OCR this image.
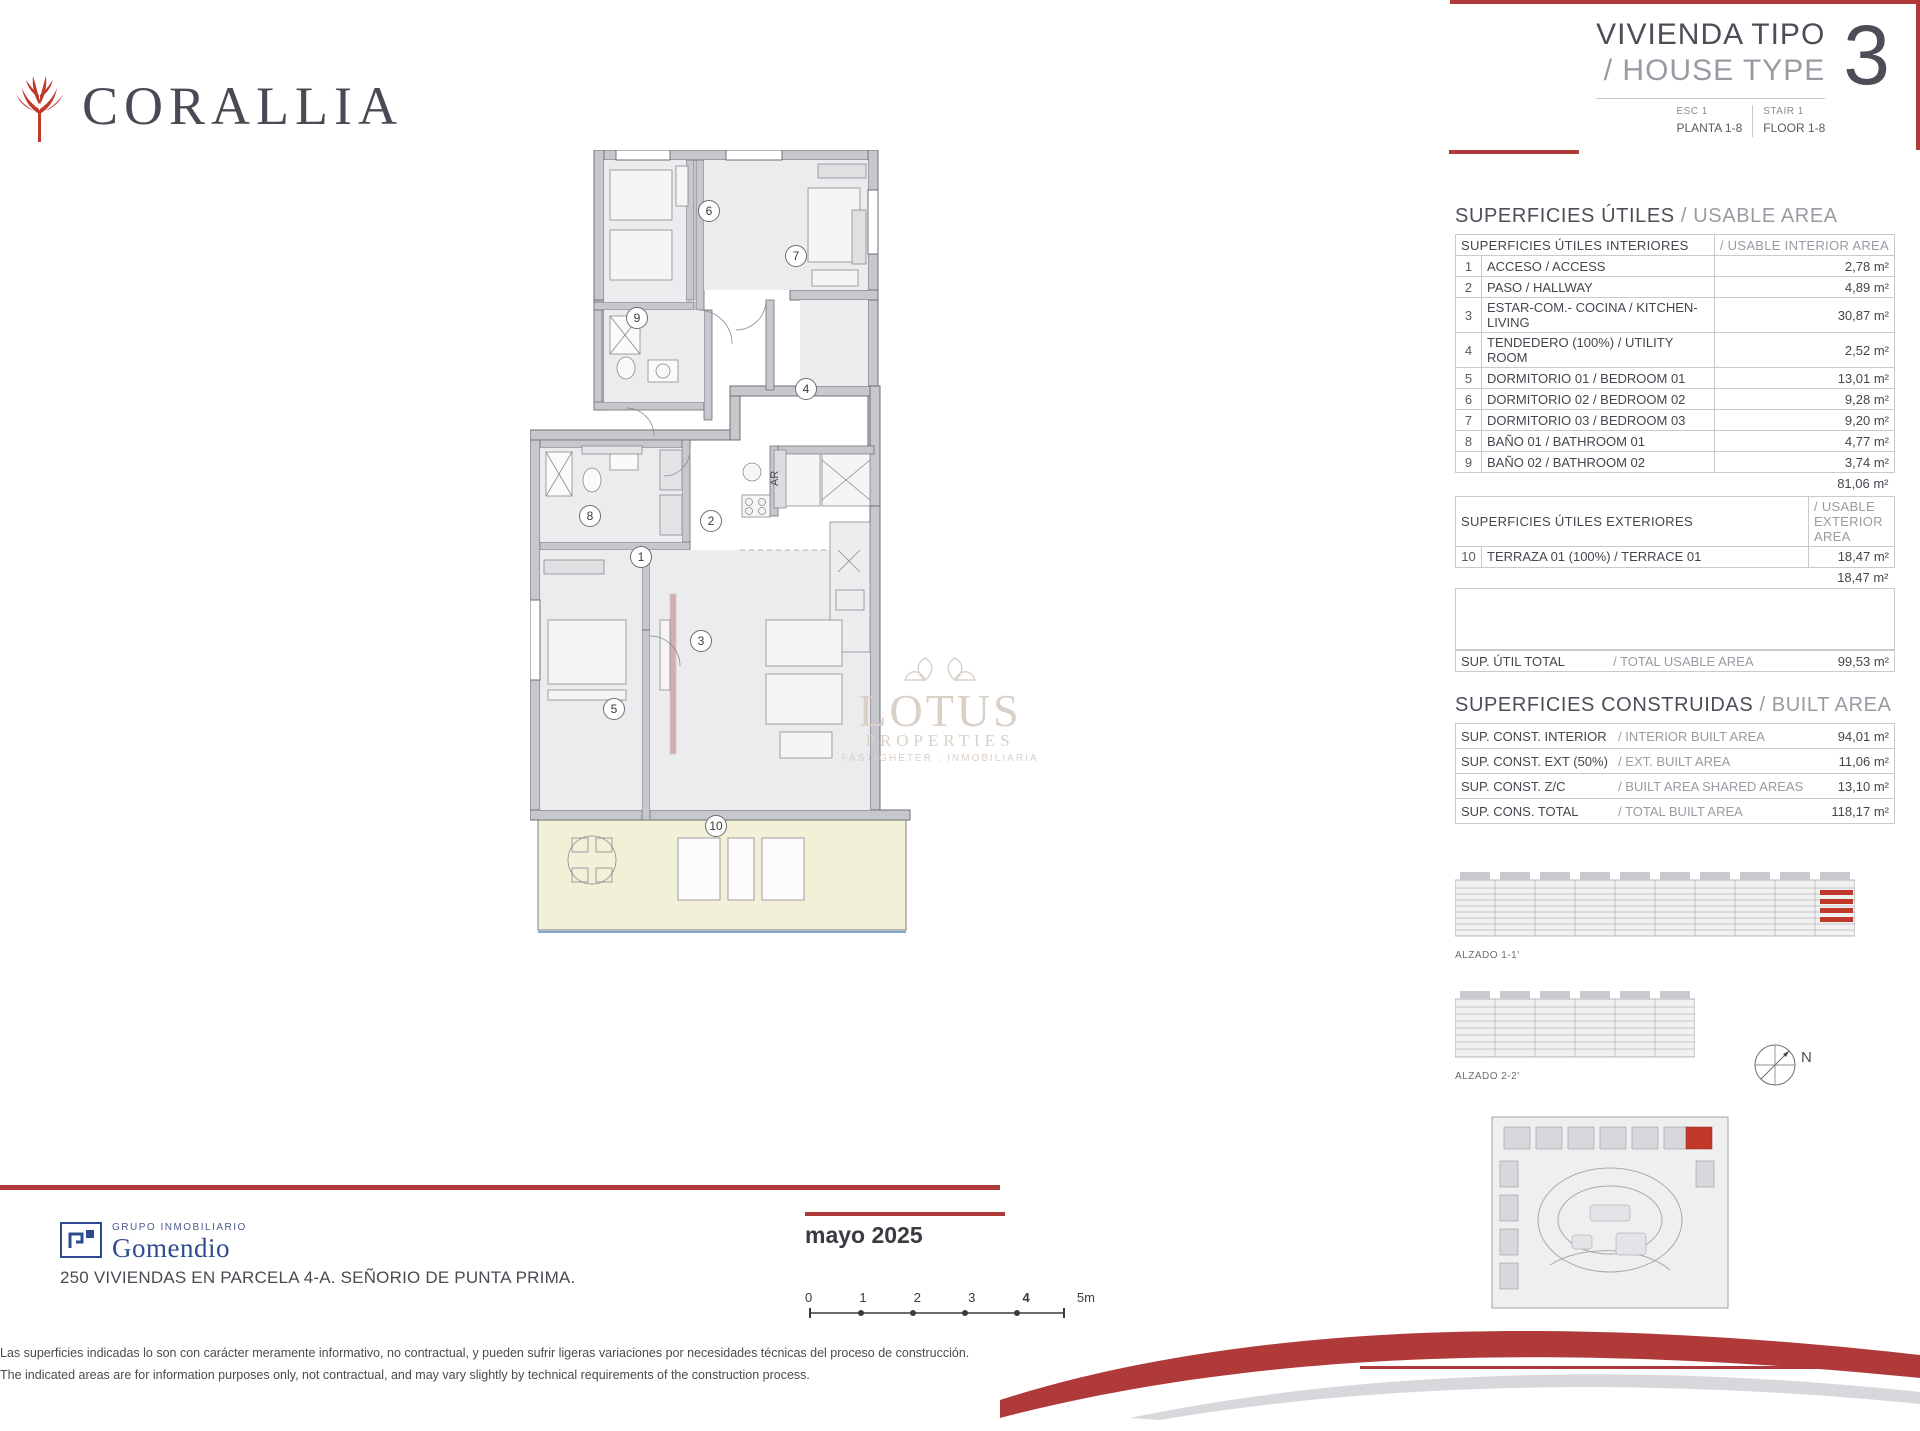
CORALLIA
VIVIENDA TIPO
/ HOUSE TYPE
ESC 1
PLANTA 1-8
STAIR 1
FLOOR 1-8
3
SUPERFICIES ÚTILES / USABLE AREA
SUPERFICIES ÚTILES INTERIORES		/ USABLE INTERIOR AREA
1	ACCESO / ACCESS	2,78 m²
2	PASO / HALLWAY	4,89 m²
3	ESTAR-COM.- COCINA / KITCHEN-LIVING	30,87 m²
4	TENDEDERO (100%) / UTILITY ROOM	2,52 m²
5	DORMITORIO 01 / BEDROOM 01	13,01 m²
6	DORMITORIO 02 / BEDROOM 02	9,28 m²
7	DORMITORIO 03 / BEDROOM 03	9,20 m²
8	BAÑO 01 / BATHROOM 01	4,77 m²
9	BAÑO 02 / BATHROOM 02	3,74 m²
81,06 m²		
SUPERFICIES ÚTILES EXTERIORES		/ USABLE EXTERIOR AREA
10	TERRAZA 01 (100%) / TERRACE 01	18,47 m²
18,47 m²		
SUP. ÚTIL TOTAL	/ TOTAL USABLE AREA	99,53 m²
SUPERFICIES CONSTRUIDAS / BUILT AREA
SUP. CONST. INTERIOR	/ INTERIOR BUILT AREA	94,01 m²
SUP. CONST. EXT (50%)	/ EXT. BUILT AREA	11,06 m²
SUP. CONST. Z/C	/ BUILT AREA SHARED AREAS	13,10 m²
SUP. CONS. TOTAL	/ TOTAL BUILT AREA	118,17 m²
ALZADO 1-1'
ALZADO 2-2'
N
AR
1
2
3
4
5
6
7
8
9
10
LOTUS
PROPERTIES
FASTIGHETER : INMOBILIARIA
GRUPO INMOBILIARIO
Gomendio
250 VIVIENDAS EN PARCELA 4-A. SEÑORIO DE PUNTA PRIMA.
mayo 2025
0	1	2	3	4	5m
Las superficies indicadas lo son con carácter meramente informativo, no contractual, y pueden sufrir ligeras variaciones por necesidades técnicas del proceso de construcción.
The indicated areas are for information purposes only, not contractual, and may vary slightly by technical requirements of the construction process.
